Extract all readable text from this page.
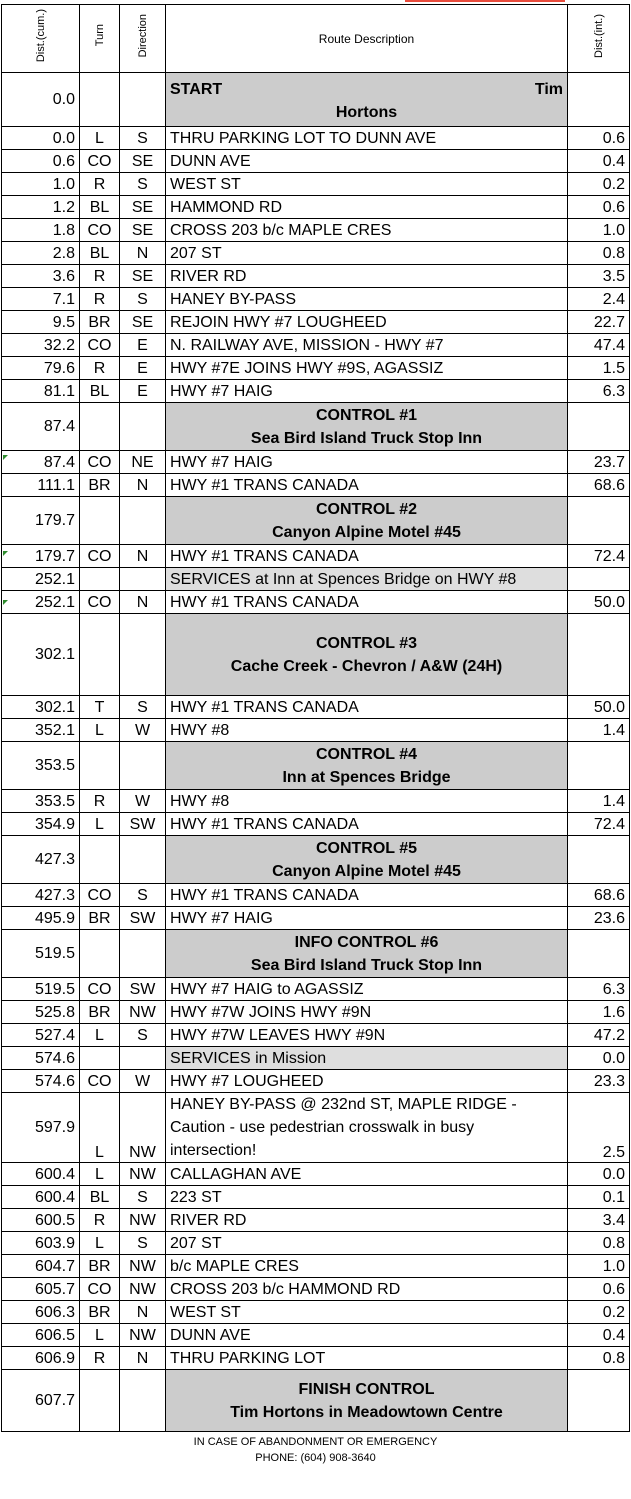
Dist.(cum.)	Turn	Direction	Route Description	Dist.(int.)
0.0			START Tim
Hortons	

0.0	L	S	THRU PARKING LOT TO DUNN AVE	0.6
0.6	CO	SE	DUNN AVE	0.4
1.0	R	S	WEST ST	0.2
1.2	BL	SE	HAMMOND RD	0.6
1.8	CO	SE	CROSS 203 b/c MAPLE CRES	1.0
2.8	BL	N	207 ST	0.8
3.6	R	SE	RIVER RD	3.5
7.1	R	S	HANEY BY-PASS	2.4
9.5	BR	SE	REJOIN HWY #7 LOUGHEED	22.7
32.2	CO	E	N. RAILWAY AVE, MISSION - HWY #7	47.4
79.6	R	E	HWY #7E JOINS HWY #9S, AGASSIZ	1.5
81.1	BL	E	HWY #7 HAIG	6.3
87.4			CONTROL #1
Sea Bird Island Truck Stop Inn	

87.4	CO	NE	HWY #7 HAIG	23.7
111.1	BR	N	HWY #1 TRANS CANADA	68.6
179.7			CONTROL #2
Canyon Alpine Motel #45	

179.7	CO	N	HWY #1 TRANS CANADA	72.4
252.1			SERVICES at Inn at Spences Bridge on HWY #8	
252.1	CO	N	HWY #1 TRANS CANADA	50.0
302.1			CONTROL #3
Cache Creek - Chevron / A&W (24H)	

302.1	T	S	HWY #1 TRANS CANADA	50.0
352.1	L	W	HWY #8	1.4
353.5			CONTROL #4
Inn at Spences Bridge	

353.5	R	W	HWY #8	1.4
354.9	L	SW	HWY #1 TRANS CANADA	72.4
427.3			CONTROL #5
Canyon Alpine Motel #45	

427.3	CO	S	HWY #1 TRANS CANADA	68.6
495.9	BR	SW	HWY #7 HAIG	23.6
519.5			INFO CONTROL #6
Sea Bird Island Truck Stop Inn	

519.5	CO	SW	HWY #7 HAIG to AGASSIZ	6.3
525.8	BR	NW	HWY #7W JOINS HWY #9N	1.6
527.4	L	S	HWY #7W LEAVES HWY #9N	47.2
574.6			SERVICES in Mission	0.0
574.6	CO	W	HWY #7 LOUGHEED	23.3
597.9	L	NW	HANEY BY-PASS @ 232nd ST, MAPLE RIDGE -
Caution - use pedestrian crosswalk in busy
intersection!	2.5
600.4	L	NW	CALLAGHAN AVE	0.0
600.4	BL	S	223 ST	0.1
600.5	R	NW	RIVER RD	3.4
603.9	L	S	207 ST	0.8
604.7	BR	NW	b/c MAPLE CRES	1.0
605.7	CO	NW	CROSS 203 b/c HAMMOND RD	0.6
606.3	BR	N	WEST ST	0.2
606.5	L	NW	DUNN AVE	0.4
606.9	R	N	THRU PARKING LOT	0.8
607.7			FINISH CONTROL
Tim Hortons in Meadowtown Centre	

IN CASE OF ABANDONMENT OR EMERGENCY
PHONE: (604) 908-3640				
